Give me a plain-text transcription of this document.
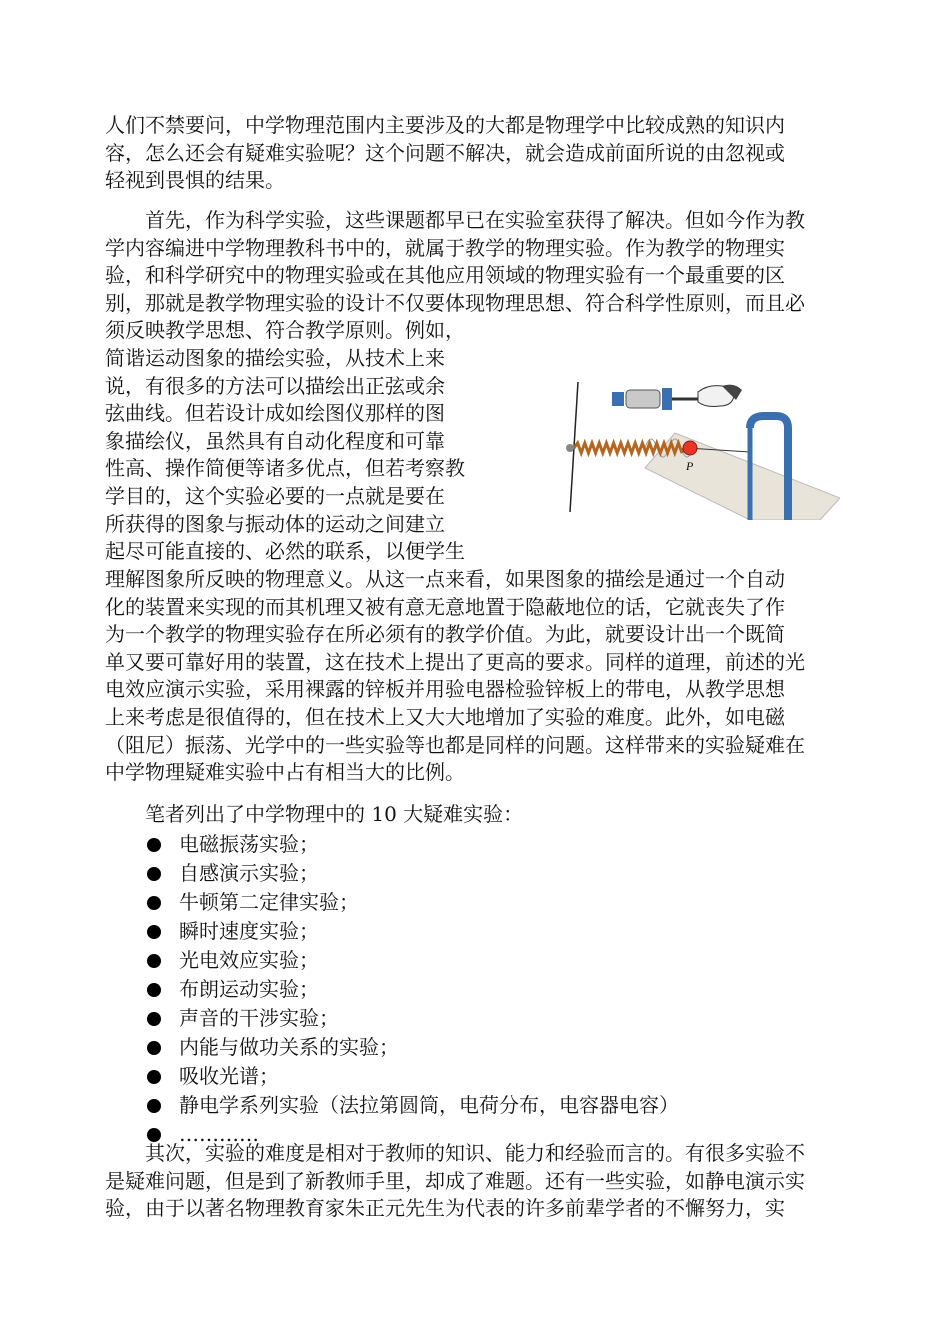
人们不禁要问，中学物理范围内主要涉及的大都是物理学中比较成熟的知识内
容，怎么还会有疑难实验呢？这个问题不解决，就会造成前面所说的由忽视或
轻视到畏惧的结果。
首先，作为科学实验，这些课题都早已在实验室获得了解决。但如今作为教
学内容编进中学物理教科书中的，就属于教学的物理实验。作为教学的物理实
验，和科学研究中的物理实验或在其他应用领域的物理实验有一个最重要的区
别，那就是教学物理实验的设计不仅要体现物理思想、符合科学性原则，而且必
须反映教学思想、符合教学原则。例如，
简谐运动图象的描绘实验，从技术上来
说，有很多的方法可以描绘出正弦或余
弦曲线。但若设计成如绘图仪那样的图
象描绘仪，虽然具有自动化程度和可靠
性高、操作简便等诸多优点，但若考察教
学目的，这个实验必要的一点就是要在
所获得的图象与振动体的运动之间建立
起尽可能直接的、必然的联系，以便学生
理解图象所反映的物理意义。从这一点来看，如果图象的描绘是通过一个自动
化的装置来实现的而其机理又被有意无意地置于隐蔽地位的话，它就丧失了作
为一个教学的物理实验存在所必须有的教学价值。为此，就要设计出一个既简
单又要可靠好用的装置，这在技术上提出了更高的要求。同样的道理，前述的光
电效应演示实验，采用裸露的锌板并用验电器检验锌板上的带电，从教学思想
上来考虑是很值得的，但在技术上又大大地增加了实验的难度。此外，如电磁
（阻尼）振荡、光学中的一些实验等也都是同样的问题。这样带来的实验疑难在
中学物理疑难实验中占有相当大的比例。
笔者列出了中学物理中的 10 大疑难实验：
电磁振荡实验；
自感演示实验；
牛顿第二定律实验；
瞬时速度实验；
光电效应实验；
布朗运动实验；
声音的干涉实验；
内能与做功关系的实验；
吸收光谱；
静电学系列实验（法拉第圆筒，电荷分布，电容器电容）
…………
其次，实验的难度是相对于教师的知识、能力和经验而言的。有很多实验不
是疑难问题，但是到了新教师手里，却成了难题。还有一些实验，如静电演示实
验，由于以著名物理教育家朱正元先生为代表的许多前辈学者的不懈努力，实
P
